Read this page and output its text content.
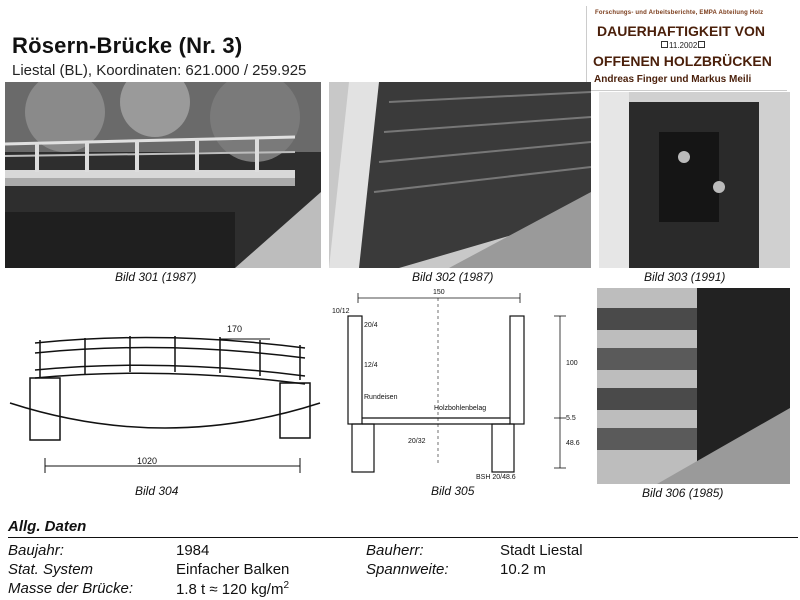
Rösern-Brücke (Nr. 3)
Liestal (BL), Koordinaten: 621.000 / 259.925
Forschungs- und Arbeitsberichte, EMPA Abteilung Holz
DAUERHAFTIGKEIT VON
11.2002
OFFENEN HOLZBRÜCKEN
Andreas Finger und Markus Meili
Bild 301 (1987)	Bild 302 (1987)	Bild 303 (1991)
170
1020
Bild 304
150
10/12
20/4
12/4	100
Rundeisen
Holzbohlenbelag
5.5
20/32	48.6
BSH 20/48.6
Bild 305	Bild 306 (1985)
Allg. Daten
Baujahr:	1984	Bauherr:	Stadt Liestal
Stat. System	Einfacher Balken	Spannweite:	10.2 m
Masse der Brücke:	1.8 t ≈ 120 $kg/m^2$
